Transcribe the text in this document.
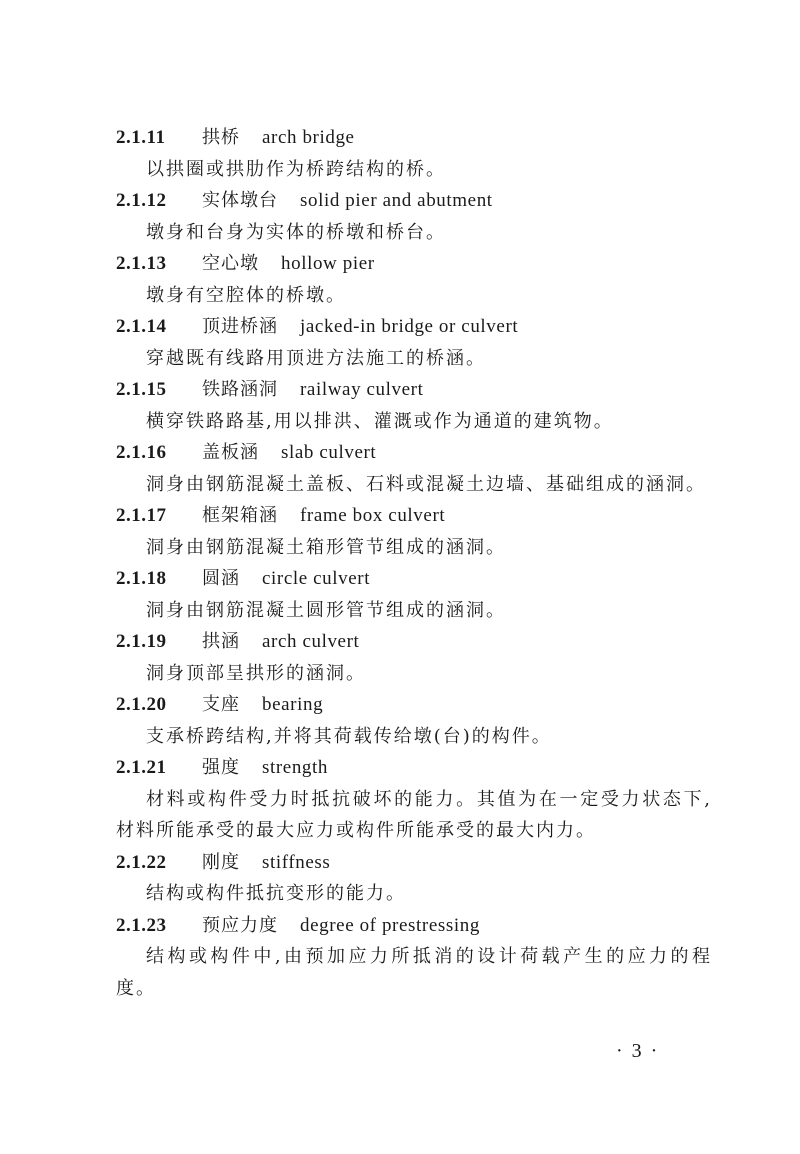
2.1.11 拱桥 arch bridge

以拱圈或拱肋作为桥跨结构的桥。

2.1.12 实体墩台 solid pier and abutment

墩身和台身为实体的桥墩和桥台。

2.1.13 空心墩 hollow pier

墩身有空腔体的桥墩。

2.1.14 顶进桥涵 jacked-in bridge or culvert

穿越既有线路用顶进方法施工的桥涵。

2.1.15 铁路涵洞 railway culvert

横穿铁路路基,用以排洪、灌溉或作为通道的建筑物。

2.1.16 盖板涵 slab culvert

洞身由钢筋混凝土盖板、石料或混凝土边墙、基础组成的涵洞。

2.1.17 框架箱涵 frame box culvert

洞身由钢筋混凝土箱形管节组成的涵洞。

2.1.18 圆涵 circle culvert

洞身由钢筋混凝土圆形管节组成的涵洞。

2.1.19 拱涵 arch culvert

洞身顶部呈拱形的涵洞。

2.1.20 支座 bearing

支承桥跨结构,并将其荷载传给墩(台)的构件。

2.1.21 强度 strength

材料或构件受力时抵抗破坏的能力。其值为在一定受力状态下,材料所能承受的最大应力或构件所能承受的最大内力。

2.1.22 刚度 stiffness

结构或构件抵抗变形的能力。

2.1.23 预应力度 degree of prestressing

结构或构件中,由预加应力所抵消的设计荷载产生的应力的程度。

· 3 ·
